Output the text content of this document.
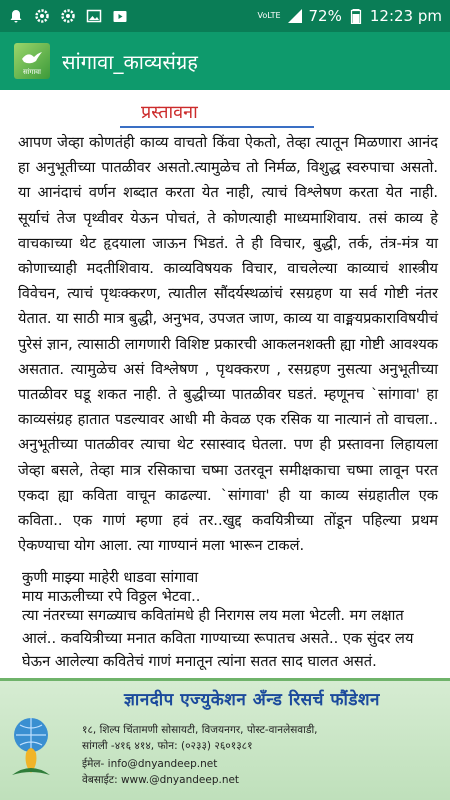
VoLTE 72% 12:23 pm
सांगावा	सांगावा_काव्यसंग्रह
प्रस्तावना

आपण जेव्हा कोणतंही काव्य वाचतो किंवा ऐकतो, तेव्हा त्यातून मिळणारा आनंद हा अनुभूतीच्या पातळीवर असतो.त्यामुळेच तो निर्मळ, विशुद्ध स्वरुपाचा असतो. या आनंदाचं वर्णन शब्दात करता येत नाही, त्याचं विश्लेषण करता येत नाही. सूर्याचं तेज पृथ्वीवर येऊन पोचतं, ते कोणत्याही माध्यमाशिवाय. तसं काव्य हे वाचकाच्या थेट हृदयाला जाऊन भिडतं. ते ही विचार, बुद्धी, तर्क, तंत्र-मंत्र या कोणाच्याही मदतीशिवाय. काव्यविषयक विचार, वाचलेल्या काव्याचं शास्त्रीय विवेचन, त्याचं पृथःक्करण, त्यातील सौंदर्यस्थळांचं रसग्रहण या सर्व गोष्टी नंतर येतात. या साठी मात्र बुद्धी, अनुभव, उपजत जाण, काव्य या वाङ्मयप्रकाराविषयीचं पुरेसं ज्ञान, त्यासाठी लागणारी विशिष्ट प्रकारची आकलनशक्ती ह्या गोष्टी आवश्यक असतात. त्यामुळेच असं विश्लेषण , पृथक्करण , रसग्रहण नुसत्या अनुभूतीच्या पातळीवर घडू शकत नाही. ते बुद्धीच्या पातळीवर घडतं. म्हणूनच `सांगावा' हा काव्यसंग्रह हातात पडल्यावर आधी मी केवळ एक रसिक या नात्यानं तो वाचला.. अनुभूतीच्या पातळीवर त्याचा थेट रसास्वाद घेतला. पण ही प्रस्तावना लिहायला जेव्हा बसले, तेव्हा मात्र रसिकाचा चष्मा उतरवून समीक्षकाचा चष्मा लावून परत एकदा ह्या कविता वाचून काढल्या. `सांगावा' ही या काव्य संग्रहातील एक कविता.. एक गाणं म्हणा हवं तर..खुद्द कवयित्रीच्या तोंडून पहिल्या प्रथम ऐकण्याचा योग आला. त्या गाण्यानं मला भारून टाकलं.

कुणी माझ्या माहेरी धाडवा सांगावा
माय माऊलीच्या रपे विठ्ठल भेटवा..

त्या नंतरच्या सगळ्याच कवितांमधे ही निरागस लय मला भेटली. मग लक्षात आलं.. कवयित्रीच्या मनात कविता गाण्याच्या रूपातच असते.. एक सुंदर लय घेऊन आलेल्या कवितेचं गाणं मनातून त्यांना सतत साद घालत असतं.

ज्ञानदीप एज्युकेशन अँन्ड रिसर्च फौंडेशन
१८, शिल्प चिंतामणी सोसायटी, विजयनगर, पोस्ट-वानलेसवाडी,
सांगली -४१६ ४१४, फोन: (०२३३) २६०१३८१
ईमेल- info@dnyandeep.net
वेबसाईट: www.@dnyandeep.net
